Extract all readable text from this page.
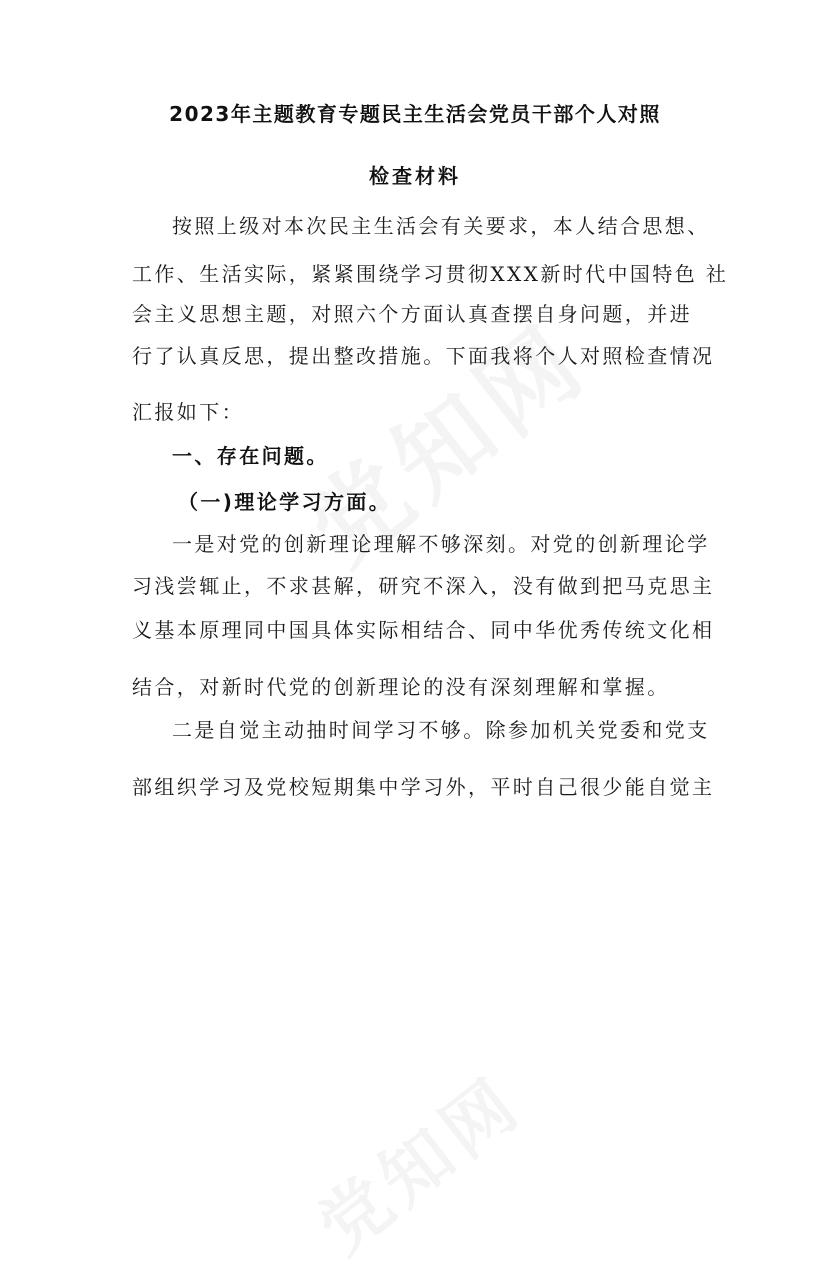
2023年主题教育专题民主生活会党员干部个人对照
检查材料
按照上级对本次民主生活会有关要求，本人结合思想、
工作、生活实际，紧紧围绕学习贯彻XXX新时代中国特色 社
会主义思想主题，对照六个方面认真查摆自身问题，并进
行了认真反思，提出整改措施。下面我将个人对照检查情况
汇报如下：
一、存在问题。
（一)理论学习方面。
一是对党的创新理论理解不够深刻。对党的创新理论学
习浅尝辄止，不求甚解，研究不深入，没有做到把马克思主
义基本原理同中国具体实际相结合、同中华优秀传统文化相
结合，对新时代党的创新理论的没有深刻理解和掌握。
二是自觉主动抽时间学习不够。除参加机关党委和党支
部组织学习及党校短期集中学习外，平时自己很少能自觉主
